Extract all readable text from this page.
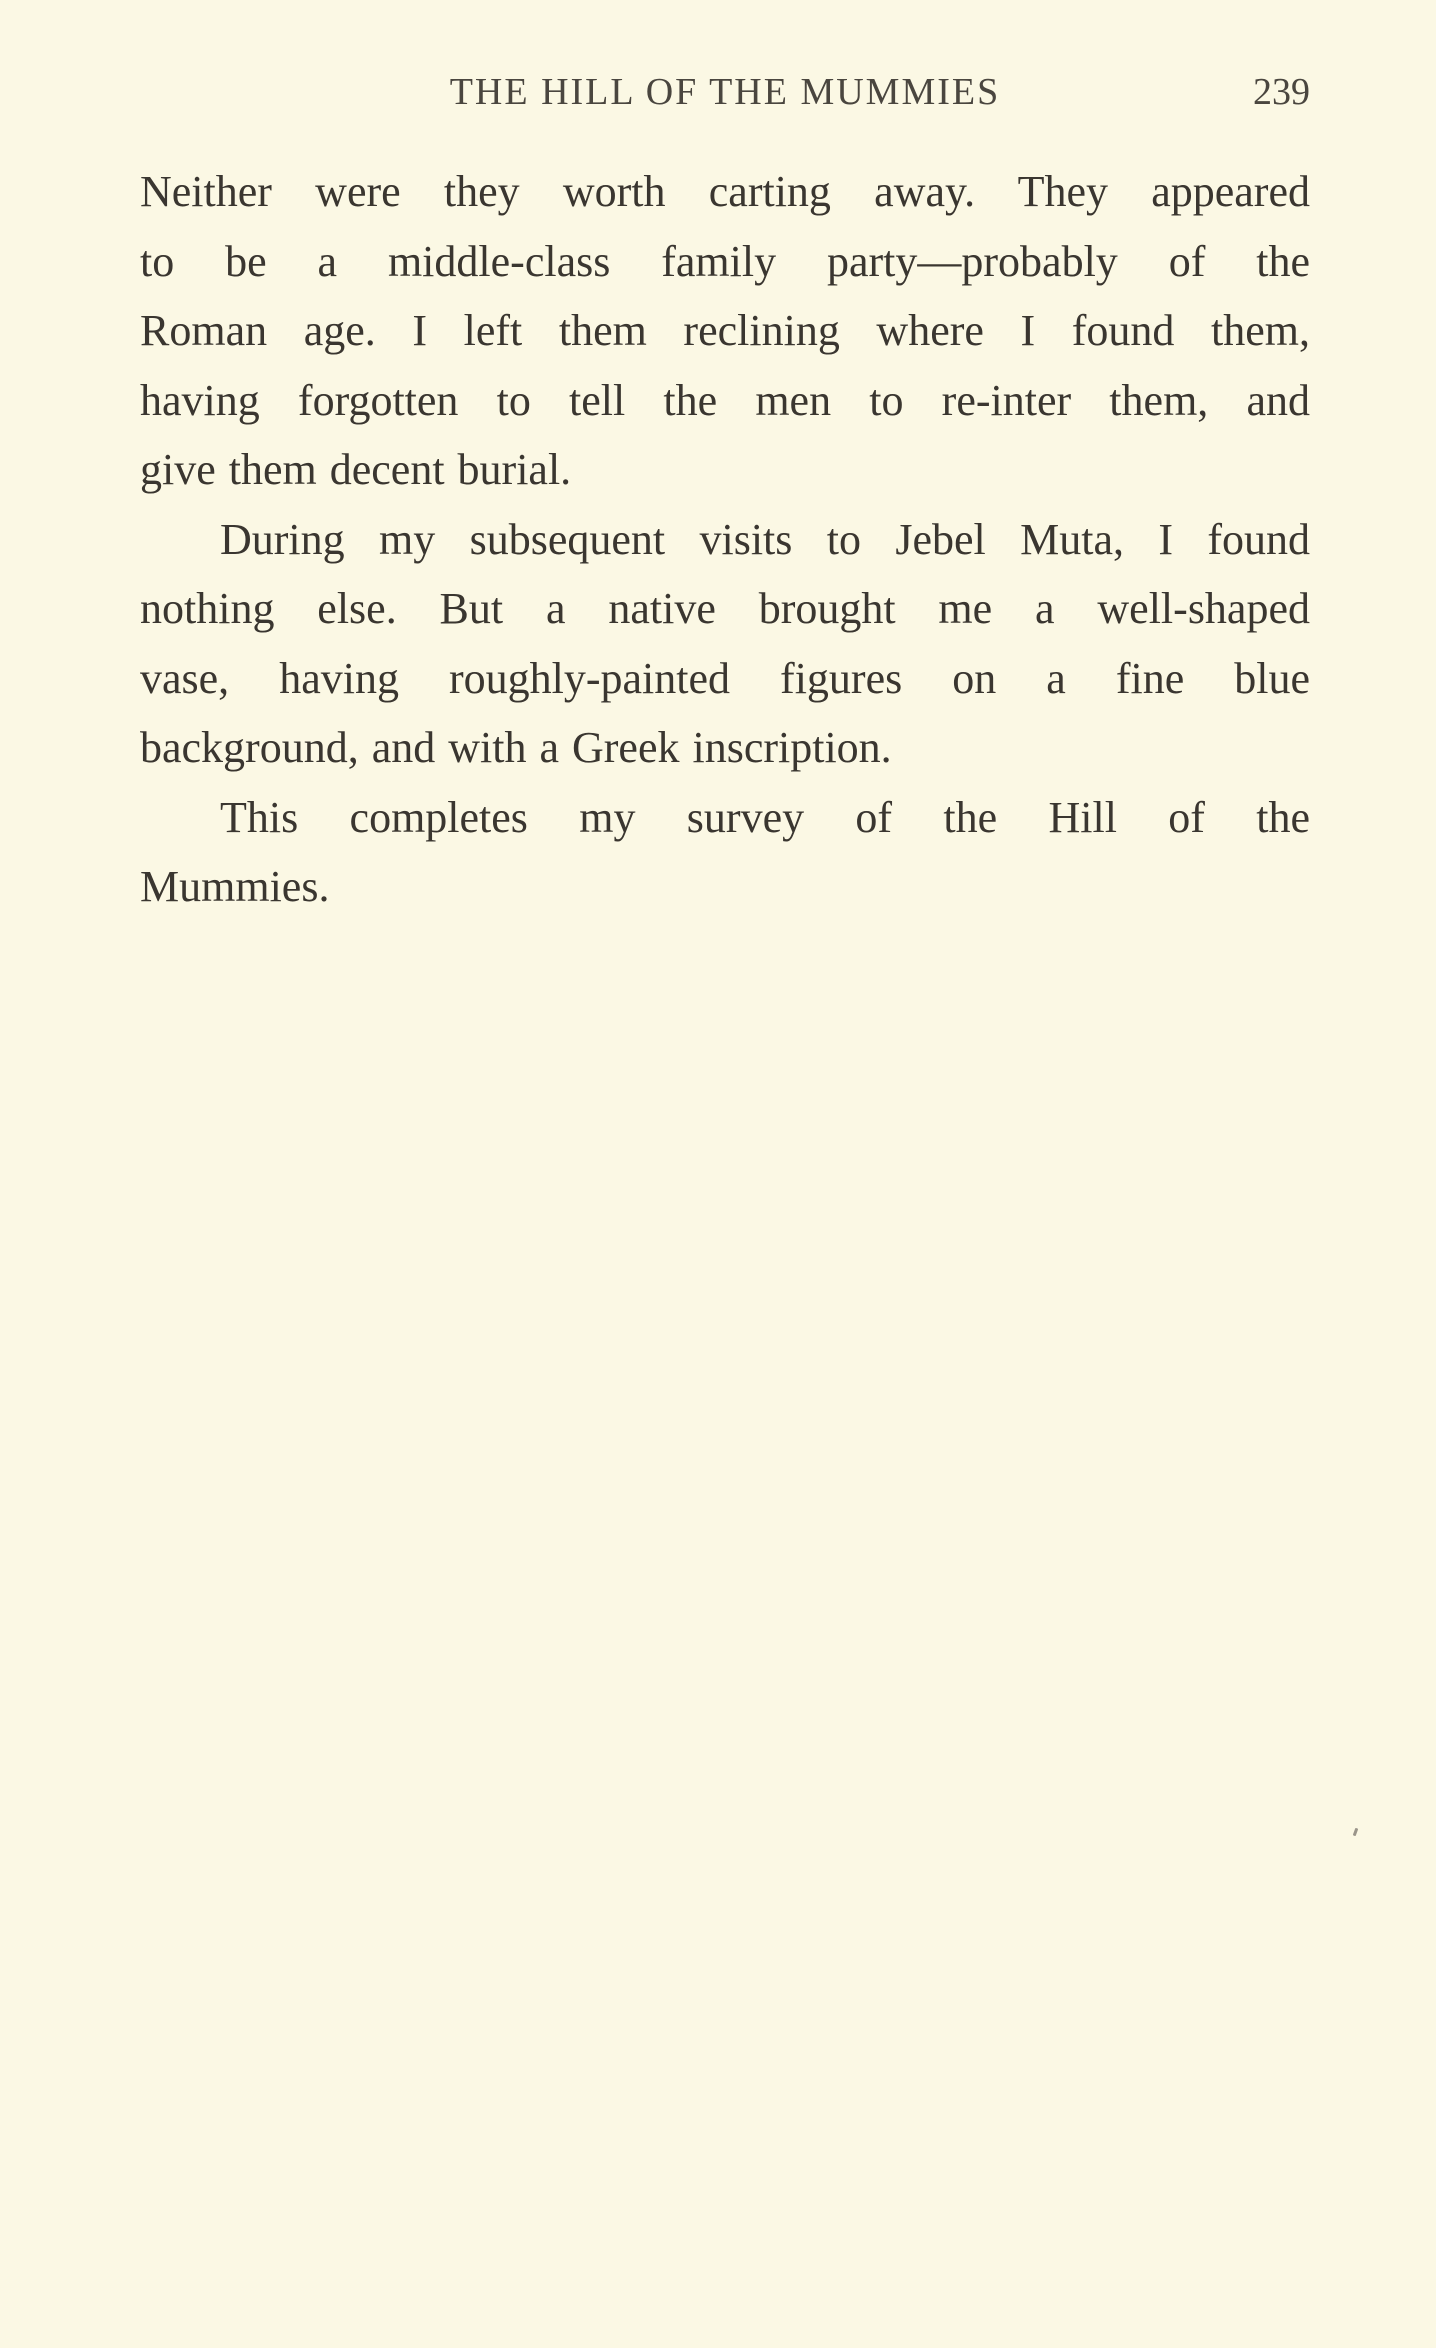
THE HILL OF THE MUMMIES	239

Neither were they worth carting away. They appeared
to be a middle-class family party—probably of the
Roman age. I left them reclining where I found them,
having forgotten to tell the men to re-inter them, and
give them decent burial.

During my subsequent visits to Jebel Muta, I found
nothing else. But a native brought me a well-shaped
vase, having roughly-painted figures on a fine blue
background, and with a Greek inscription.

This completes my survey of the Hill of the
Mummies.
